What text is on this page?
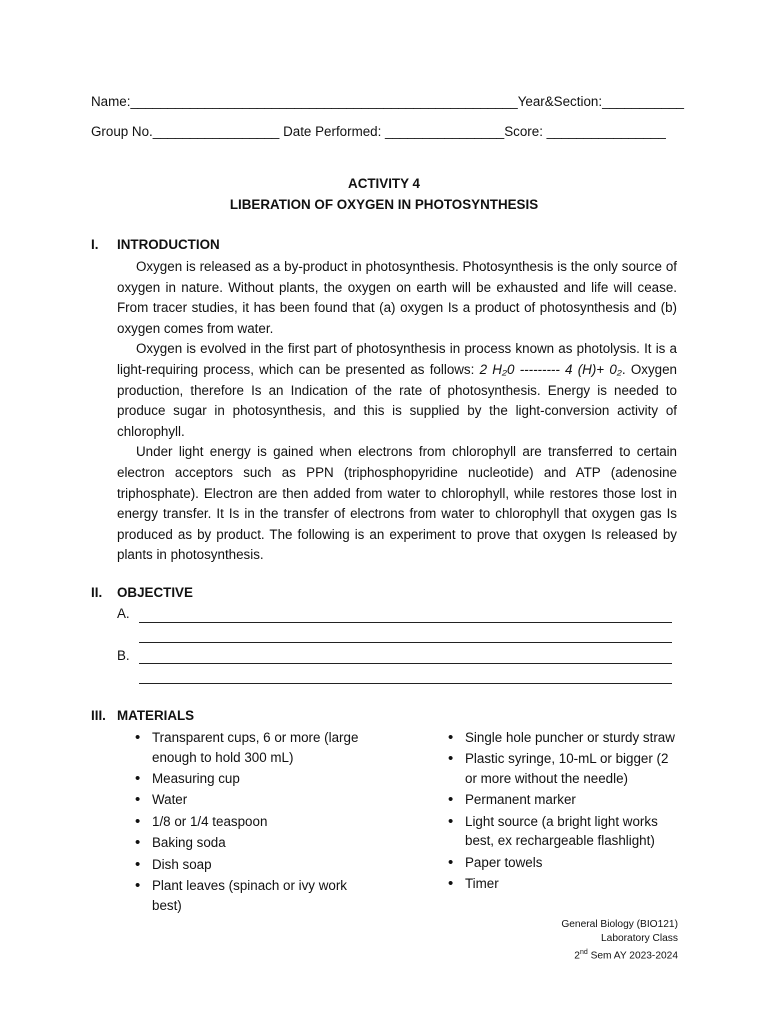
Name:____________________________________________________Year&Section:___________
Group No._________________ Date Performed: ________________Score: ________________
ACTIVITY 4
LIBERATION OF OXYGEN IN PHOTOSYNTHESIS
I. INTRODUCTION

Oxygen is released as a by-product in photosynthesis. Photosynthesis is the only source of oxygen in nature. Without plants, the oxygen on earth will be exhausted and life will cease. From tracer studies, it has been found that (a) oxygen Is a product of photosynthesis and (b) oxygen comes from water.

Oxygen is evolved in the first part of photosynthesis in process known as photolysis. It is a light-requiring process, which can be presented as follows: 2 H₂0 --------- 4 (H)+ 0₂. Oxygen production, therefore Is an Indication of the rate of photosynthesis. Energy is needed to produce sugar in photosynthesis, and this is supplied by the light-conversion activity of chlorophyll.

Under light energy is gained when electrons from chlorophyll are transferred to certain electron acceptors such as PPN (triphosphopyridine nucleotide) and ATP (adenosine triphosphate). Electron are then added from water to chlorophyll, while restores those lost in energy transfer. It Is in the transfer of electrons from water to chlorophyll that oxygen gas Is produced as by product. The following is an experiment to prove that oxygen Is released by plants in photosynthesis.

II. OBJECTIVE
A.
B.
III. MATERIALS
• Transparent cups, 6 or more (large enough to hold 300 mL)
• Measuring cup
• Water
• 1/8 or 1/4 teaspoon
• Baking soda
• Dish soap
• Plant leaves (spinach or ivy work best)
• Single hole puncher or sturdy straw
• Plastic syringe, 10-mL or bigger (2 or more without the needle)
• Permanent marker
• Light source (a bright light works best, ex rechargeable flashlight)
• Paper towels
• Timer
General Biology (BIO121)
Laboratory Class
2nd Sem AY 2023-2024
